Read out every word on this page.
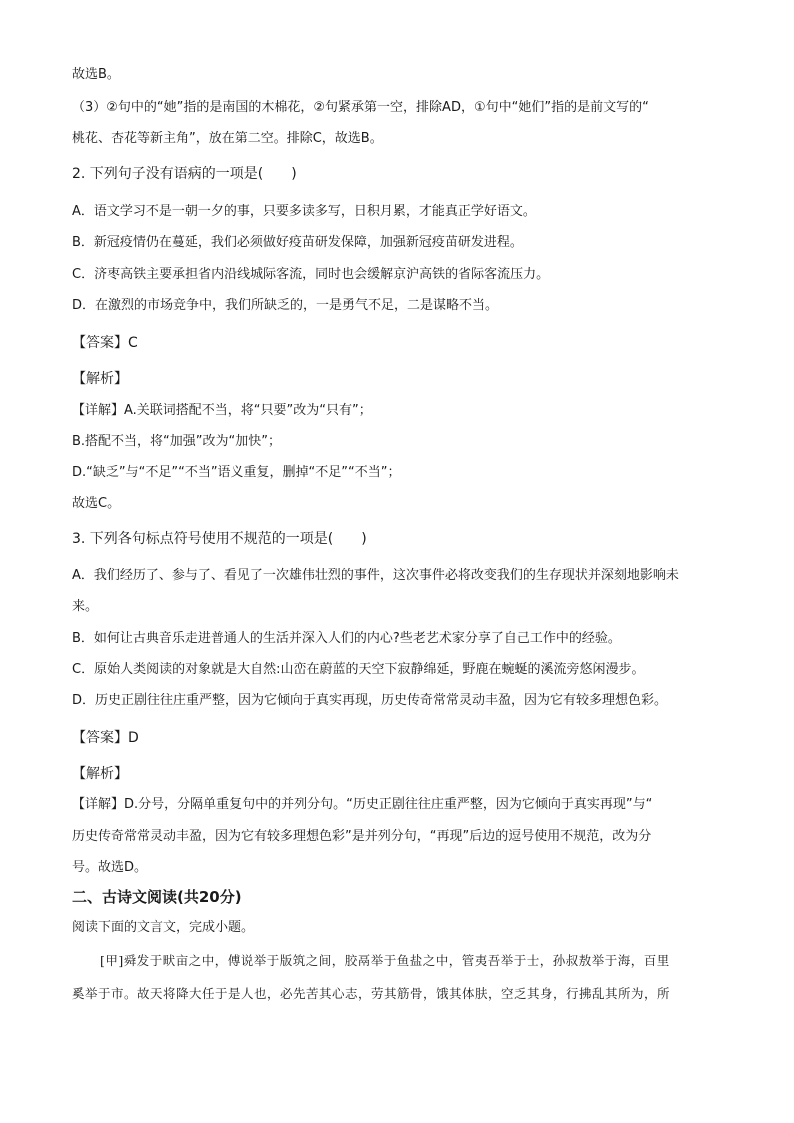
故选B。
（3）②句中的“她”指的是南国的木棉花，②句紧承第一空，排除AD，①句中“她们”指的是前文写的“
桃花、杏花等新主角”，放在第二空。排除C，故选B。
2. 下列句子没有语病的一项是(　　)
A．语文学习不是一朝一夕的事，只要多读多写，日积月累，才能真正学好语文。
B．新冠疫情仍在蔓延，我们必须做好疫苗研发保障，加强新冠疫苗研发进程。
C．济枣高铁主要承担省内沿线城际客流，同时也会缓解京沪高铁的省际客流压力。
D．在激烈的市场竞争中，我们所缺乏的，一是勇气不足，二是谋略不当。
【答案】C
【解析】
【详解】A.关联词搭配不当，将“只要”改为“只有”；
B.搭配不当，将“加强”改为“加快”；
D.“缺乏”与“不足”“不当”语义重复，删掉“不足”“不当”；
故选C。
3. 下列各句标点符号使用不规范的一项是(　　)
A．我们经历了、参与了、看见了一次雄伟壮烈的事件，这次事件必将改变我们的生存现状并深刻地影响未
来。
B．如何让古典音乐走进普通人的生活并深入人们的内心?些老艺术家分享了自己工作中的经验。
C．原始人类阅读的对象就是大自然:山峦在蔚蓝的天空下寂静绵延，野鹿在蜿蜒的溪流旁悠闲漫步。
D．历史正剧往往庄重严整，因为它倾向于真实再现，历史传奇常常灵动丰盈，因为它有较多理想色彩。
【答案】D
【解析】
【详解】D.分号，分隔单重复句中的并列分句。“历史正剧往往庄重严整，因为它倾向于真实再现”与“
历史传奇常常灵动丰盈，因为它有较多理想色彩”是并列分句，“再现”后边的逗号使用不规范，改为分
号。故选D。
二、古诗文阅读(共20分)
阅读下面的文言文，完成小题。
[甲]舜发于畎亩之中，傅说举于版筑之间，胶鬲举于鱼盐之中，管夷吾举于士，孙叔敖举于海，百里
奚举于市。故天将降大任于是人也，必先苦其心志，劳其筋骨，饿其体肤，空乏其身，行拂乱其所为，所
